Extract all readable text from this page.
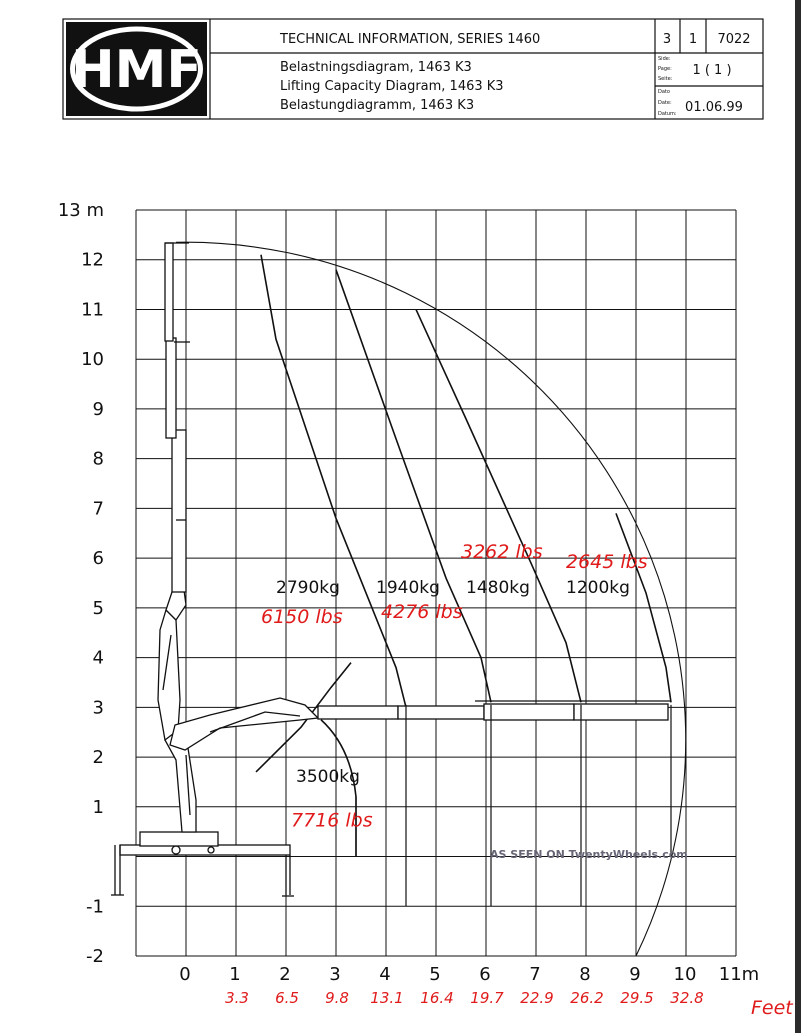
HMF
TECHNICAL INFORMATION, SERIES 1460
Belastningsdiagram, 1463 K3
Lifting Capacity Diagram, 1463 K3
Belastungdiagramm, 1463 K3
3 1 7022
Side:
Page:
Seite:
1 ( 1 )
Dato
Date:
Datum: 01.06.99
13 m
12
11
10
9
8
7
6
5
4
3
2
1
-1
-2
0 1 2 3 4 5 6 7 8 9 10 11m
3.3 6.5 9.8 13.1 16.4 19.7 22.9 26.2 29.5 32.8 Feet
3500kg
2790kg 1940kg 1480kg 1200kg
7716 lbs
6150 lbs 4276 lbs
3262 lbs 2645 lbs
AS SEEN ON TwentyWheels.com
